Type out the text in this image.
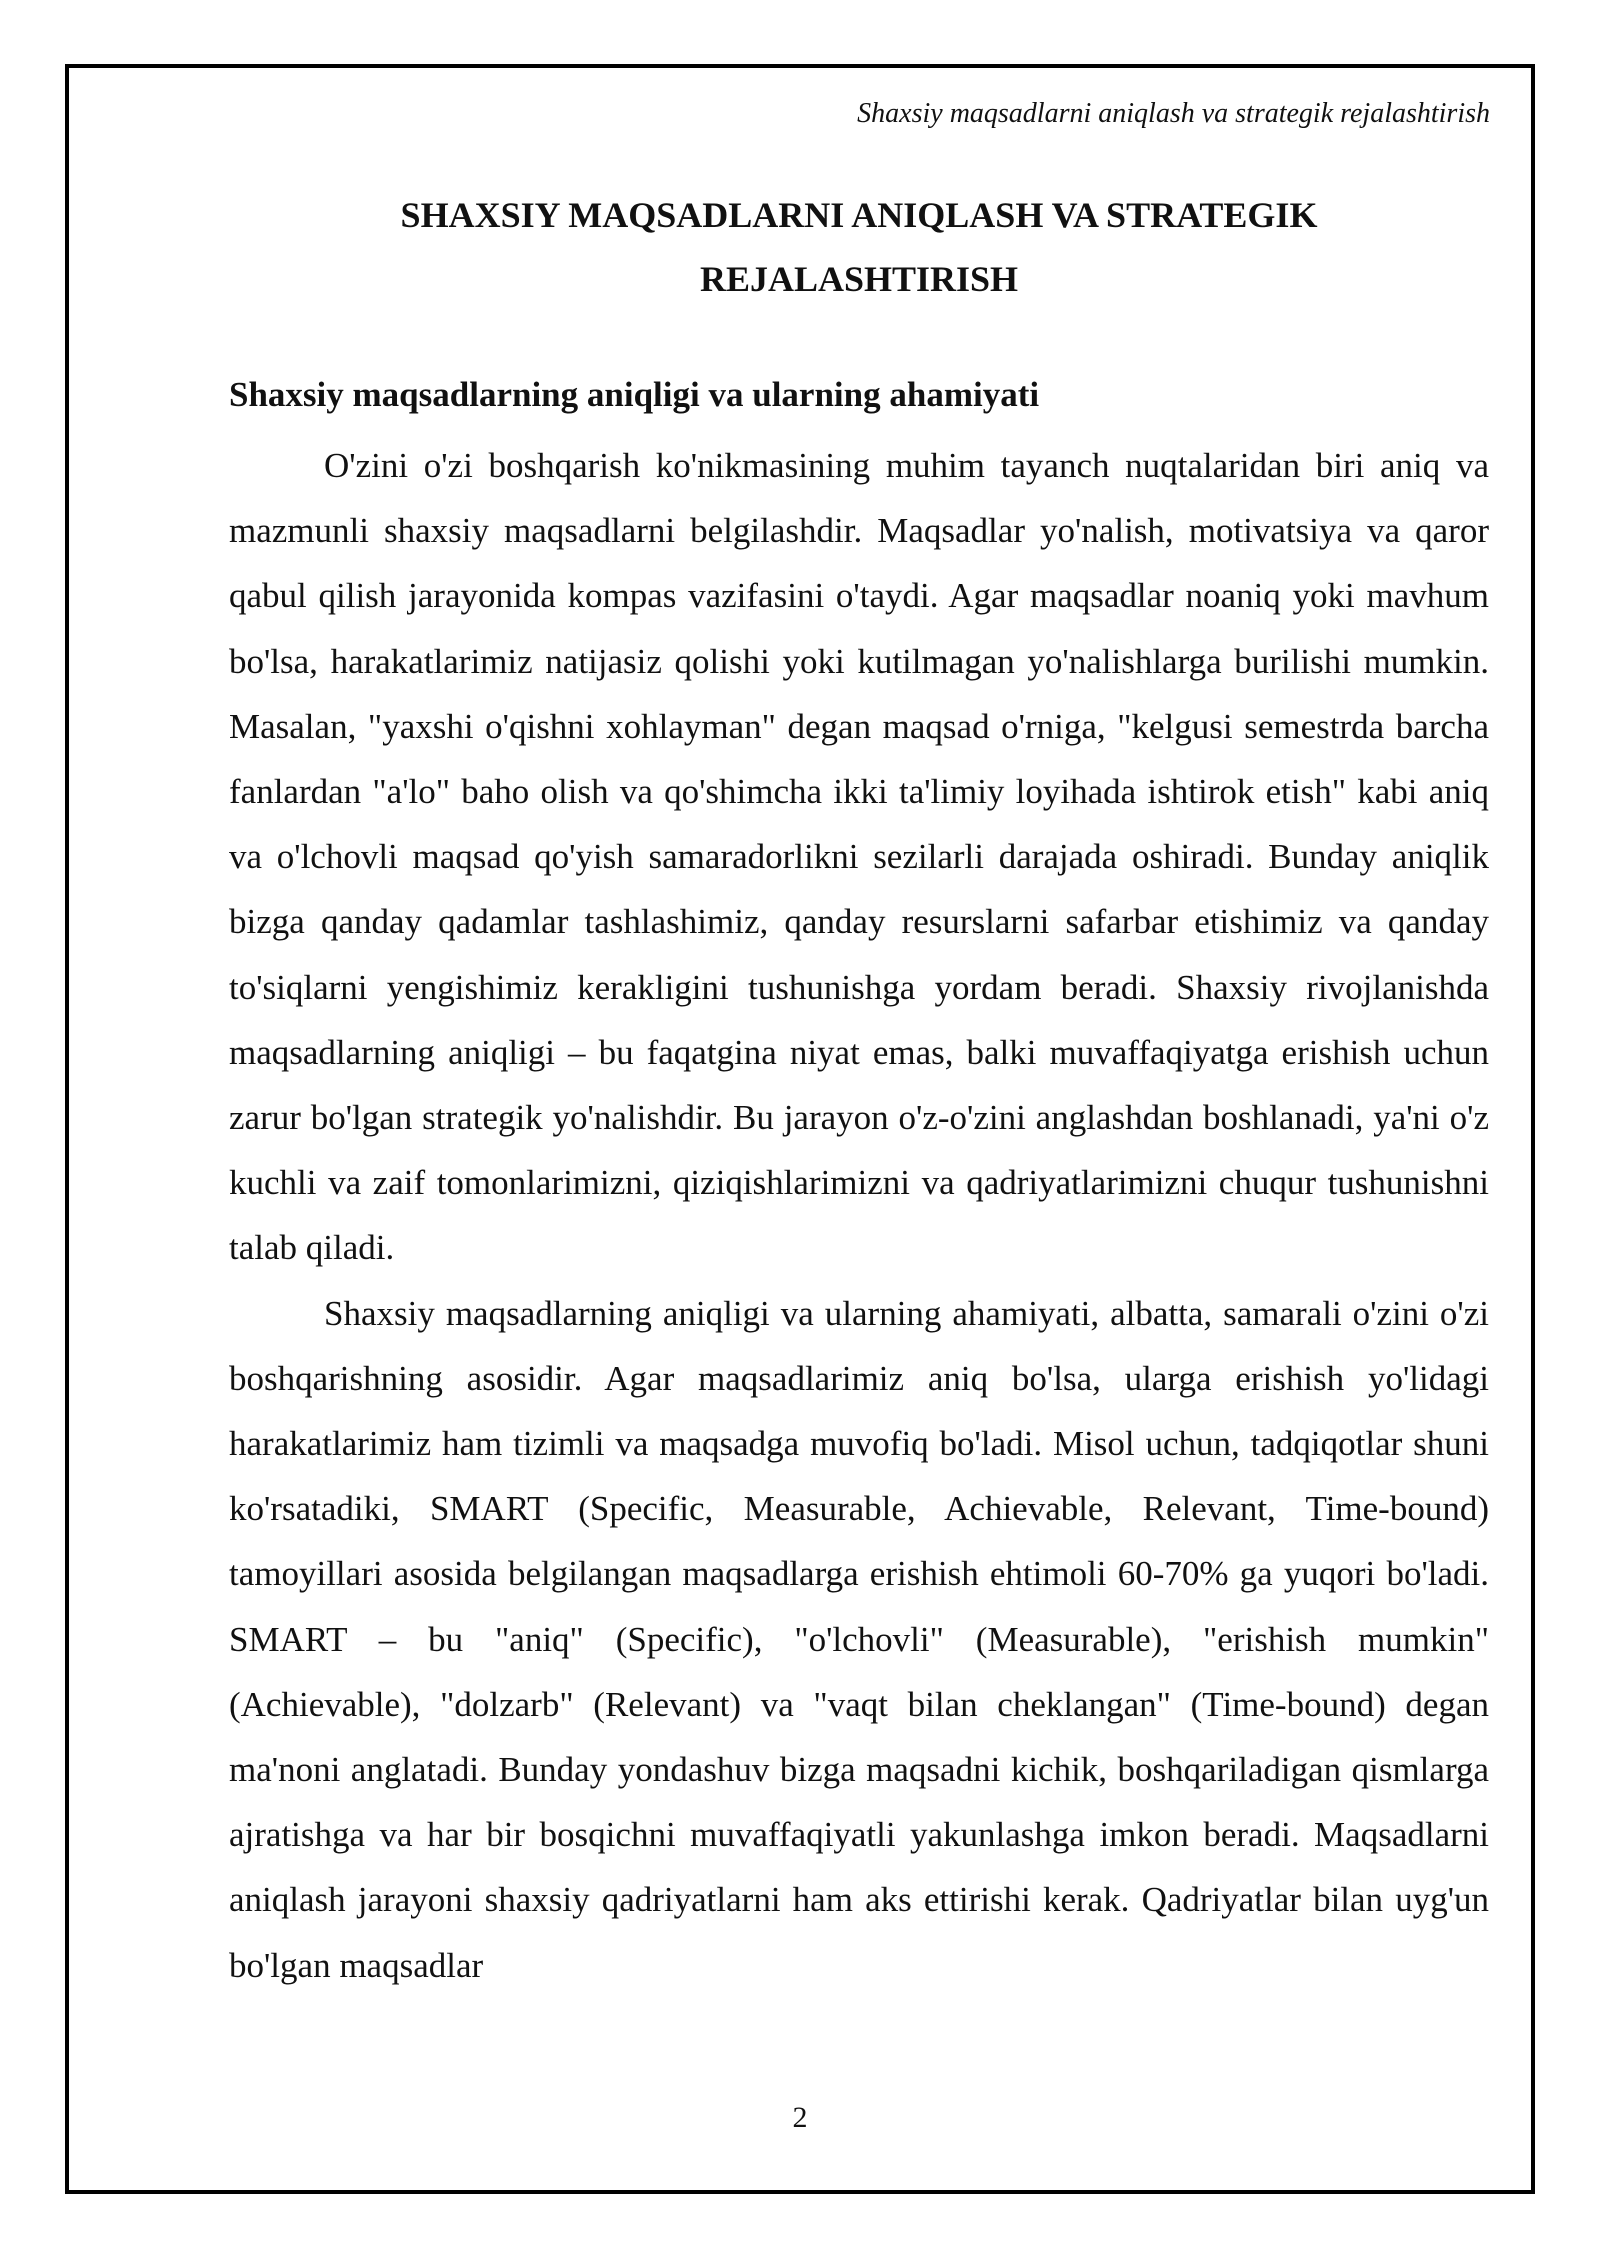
Shaxsiy maqsadlarni aniqlash va strategik rejalashtirish
SHAXSIY MAQSADLARNI ANIQLASH VA STRATEGIK
REJALASHTIRISH
Shaxsiy maqsadlarning aniqligi va ularning ahamiyati

O'zini o'zi boshqarish ko'nikmasining muhim tayanch nuqtalaridan biri aniq va mazmunli shaxsiy maqsadlarni belgilashdir. Maqsadlar yo'nalish, motivatsiya va qaror qabul qilish jarayonida kompas vazifasini o'taydi. Agar maqsadlar noaniq yoki mavhum bo'lsa, harakatlarimiz natijasiz qolishi yoki kutilmagan yo'nalishlarga burilishi mumkin. Masalan, "yaxshi o'qishni xohlayman" degan maqsad o'rniga, "kelgusi semestrda barcha fanlardan "a'lo" baho olish va qo'shimcha ikki ta'limiy loyihada ishtirok etish" kabi aniq va o'lchovli maqsad qo'yish samaradorlikni sezilarli darajada oshiradi. Bunday aniqlik bizga qanday qadamlar tashlashimiz, qanday resurslarni safarbar etishimiz va qanday to'siqlarni yengishimiz kerakligini tushunishga yordam beradi. Shaxsiy rivojlanishda maqsadlarning aniqligi – bu faqatgina niyat emas, balki muvaffaqiyatga erishish uchun zarur bo'lgan strategik yo'nalishdir. Bu jarayon o'z-o'zini anglashdan boshlanadi, ya'ni o'z kuchli va zaif tomonlarimizni, qiziqishlarimizni va qadriyatlarimizni chuqur tushunishni talab qiladi.

Shaxsiy maqsadlarning aniqligi va ularning ahamiyati, albatta, samarali o'zini o'zi boshqarishning asosidir. Agar maqsadlarimiz aniq bo'lsa, ularga erishish yo'lidagi harakatlarimiz ham tizimli va maqsadga muvofiq bo'ladi. Misol uchun, tadqiqotlar shuni ko'rsatadiki, SMART (Specific, Measurable, Achievable, Relevant, Time-bound) tamoyillari asosida belgilangan maqsadlarga erishish ehtimoli 60-70% ga yuqori bo'ladi. SMART – bu "aniq" (Specific), "o'lchovli" (Measurable), "erishish mumkin" (Achievable), "dolzarb" (Relevant) va "vaqt bilan cheklangan" (Time-bound) degan ma'noni anglatadi. Bunday yondashuv bizga maqsadni kichik, boshqariladigan qismlarga ajratishga va har bir bosqichni muvaffaqiyatli yakunlashga imkon beradi. Maqsadlarni aniqlash jarayoni shaxsiy qadriyatlarni ham aks ettirishi kerak. Qadriyatlar bilan uyg'un bo'lgan maqsadlar

2
